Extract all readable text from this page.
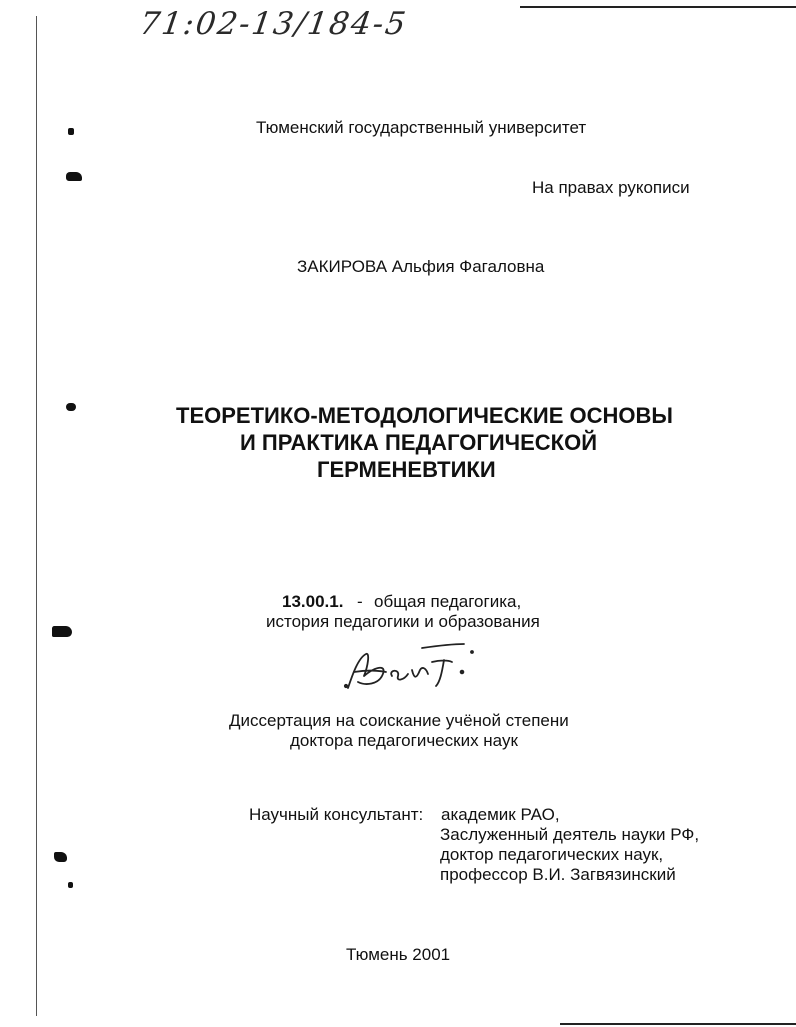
71:02-13/184-5
Тюменский государственный университет
На правах рукописи
ЗАКИРОВА Альфия Фагаловна
ТЕОРЕТИКО-МЕТОДОЛОГИЧЕСКИЕ ОСНОВЫ
И ПРАКТИКА ПЕДАГОГИЧЕСКОЙ
ГЕРМЕНЕВТИКИ
13.00.1. - общая педагогика,
история педагогики и образования
Диссертация на соискание учёной степени
доктора педагогических наук
Научный консультант: академик РАО,
Заслуженный деятель науки РФ,
доктор педагогических наук,
профессор В.И. Загвязинский
Тюмень 2001
